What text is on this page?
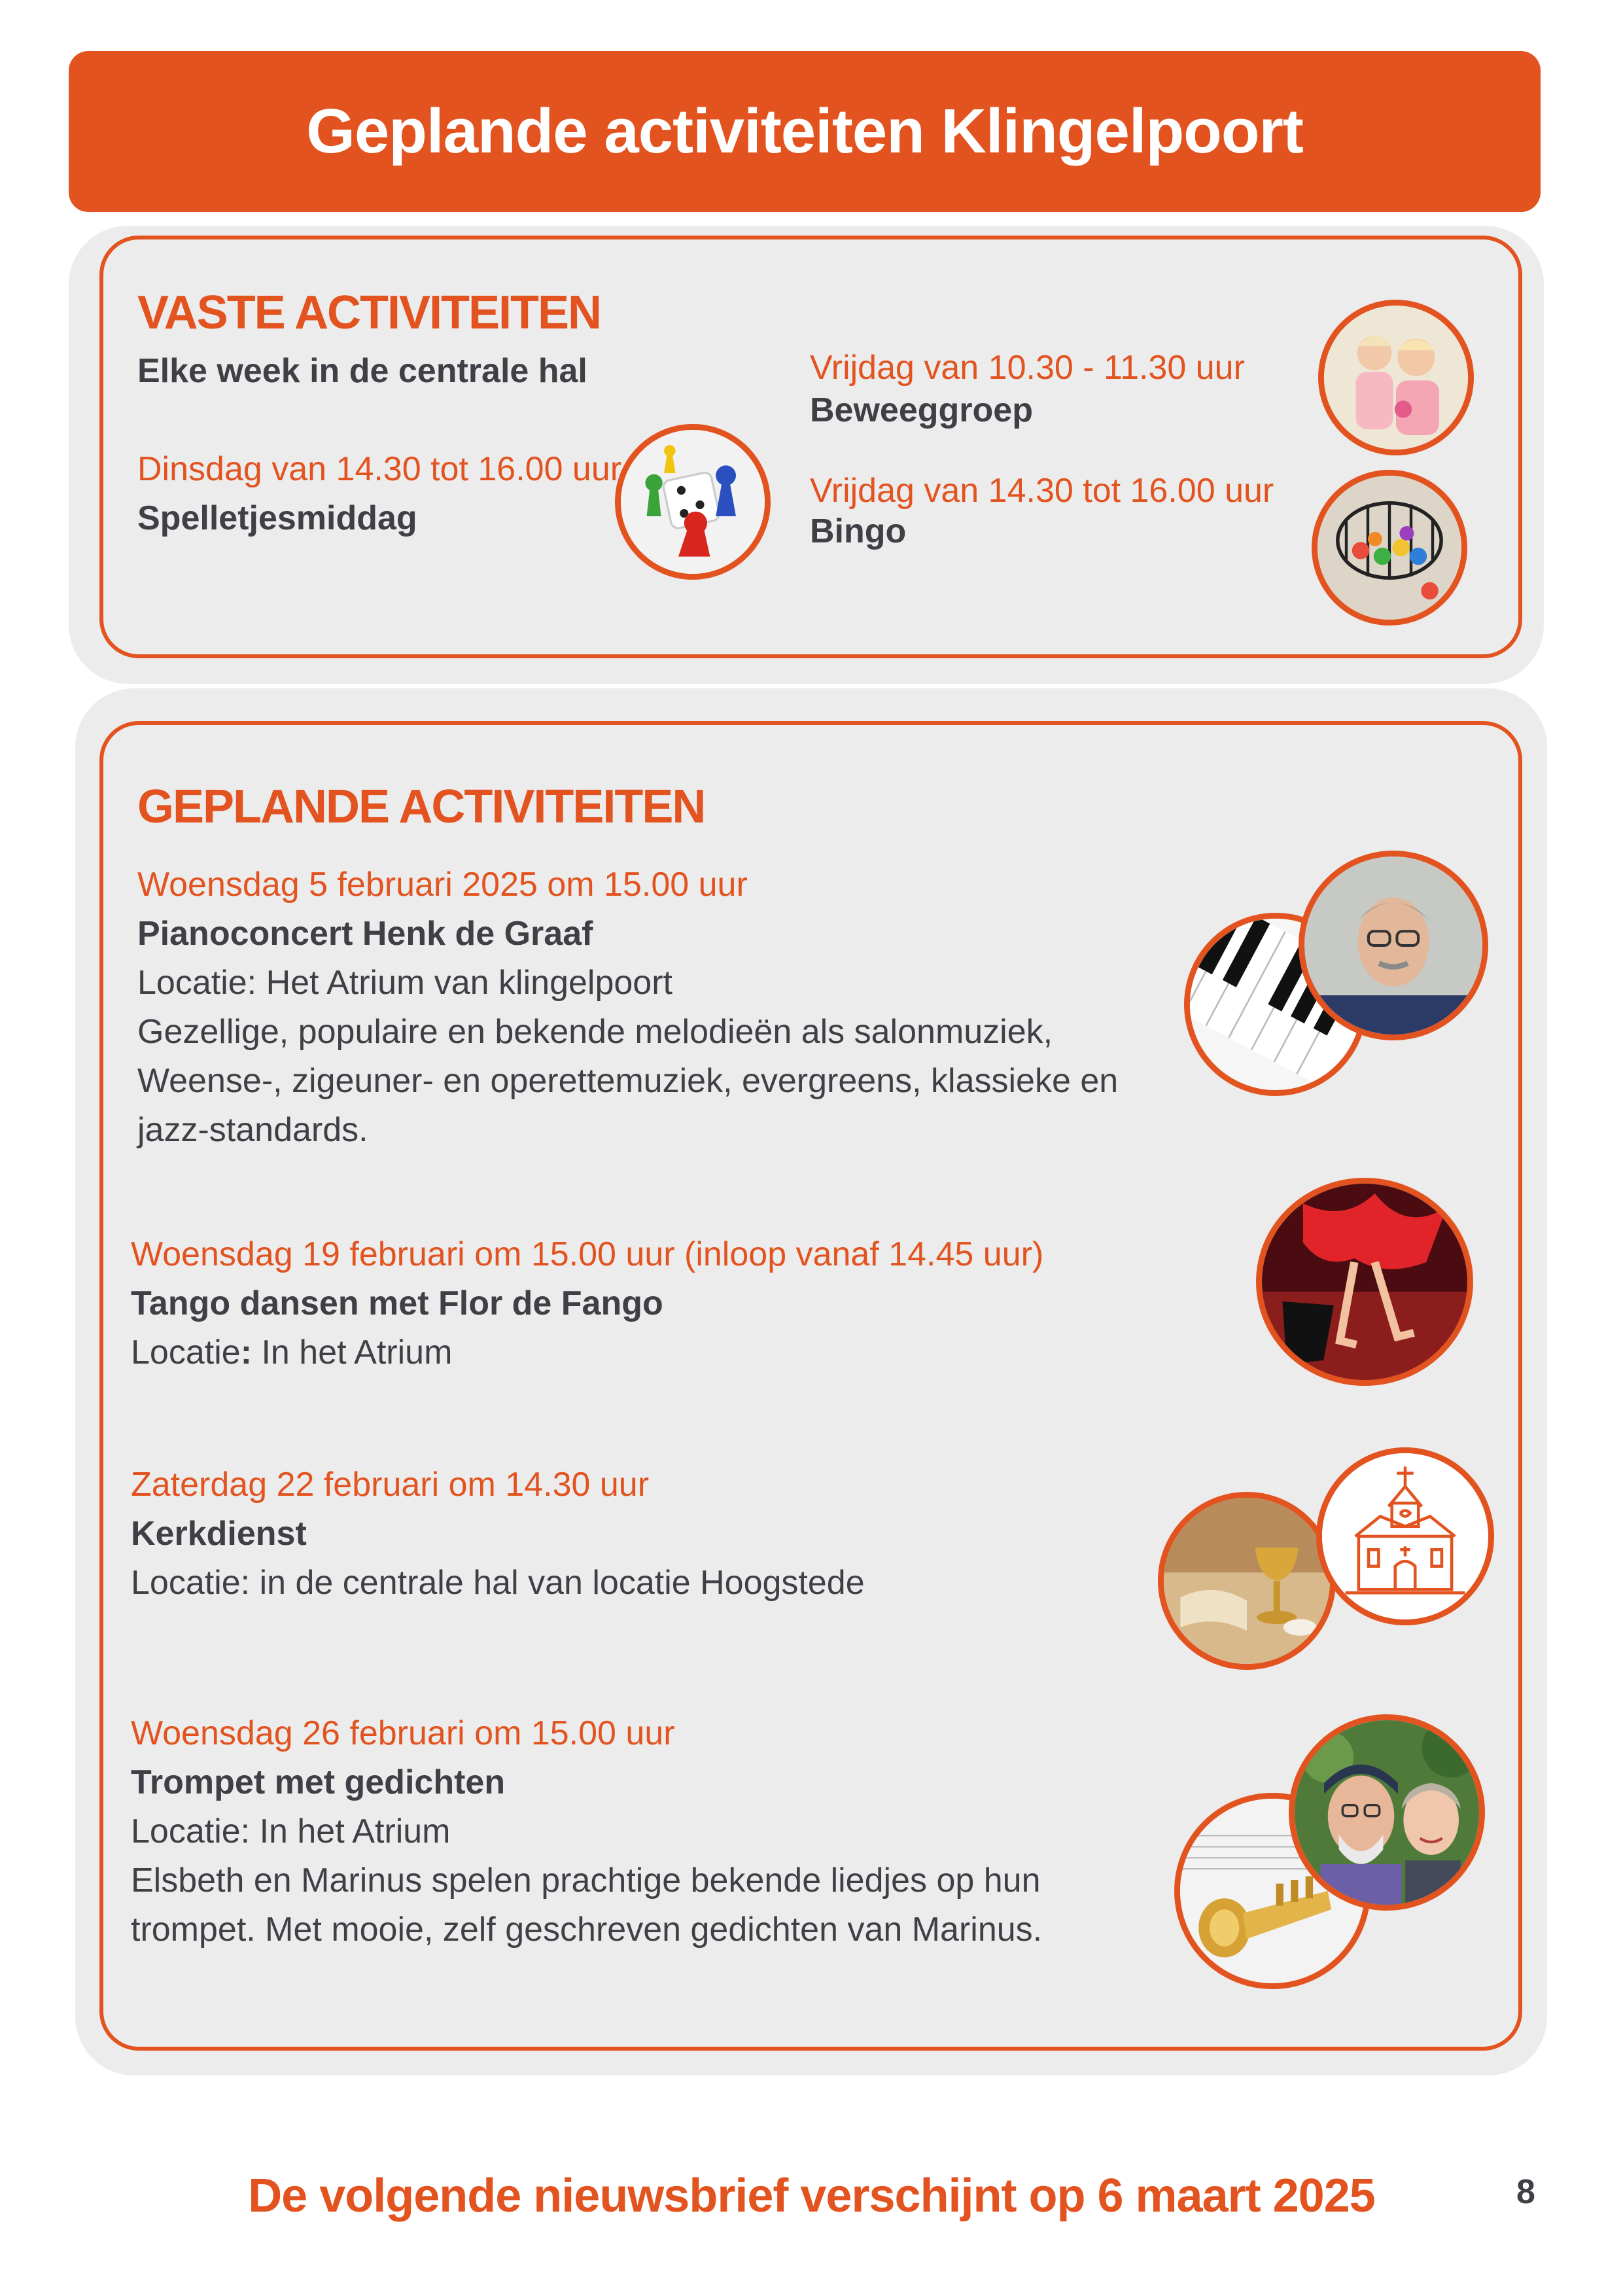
Geplande activiteiten Klingelpoort
VASTE ACTIVITEITEN
Elke week in de centrale hal
Dinsdag van 14.30 tot 16.00 uur
Spelletjesmiddag
Vrijdag van 10.30 - 11.30 uur
Beweeggroep
Vrijdag van 14.30 tot 16.00 uur
Bingo
GEPLANDE ACTIVITEITEN
Woensdag 5 februari 2025 om 15.00 uur
Pianoconcert Henk de Graaf
Locatie: Het Atrium van klingelpoort
Gezellige, populaire en bekende melodieën als salonmuziek,
Weense-, zigeuner- en operettemuziek, evergreens, klassieke en
jazz-standards.
Woensdag 19 februari om 15.00 uur (inloop vanaf 14.45 uur)
Tango dansen met Flor de Fango
Locatie: In het Atrium
Zaterdag 22 februari om 14.30 uur
Kerkdienst
Locatie: in de centrale hal van locatie Hoogstede
Woensdag 26 februari om 15.00 uur
Trompet met gedichten
Locatie: In het Atrium
Elsbeth en Marinus spelen prachtige bekende liedjes op hun
trompet. Met mooie, zelf geschreven gedichten van Marinus.
De volgende nieuwsbrief verschijnt op 6 maart 2025	8
